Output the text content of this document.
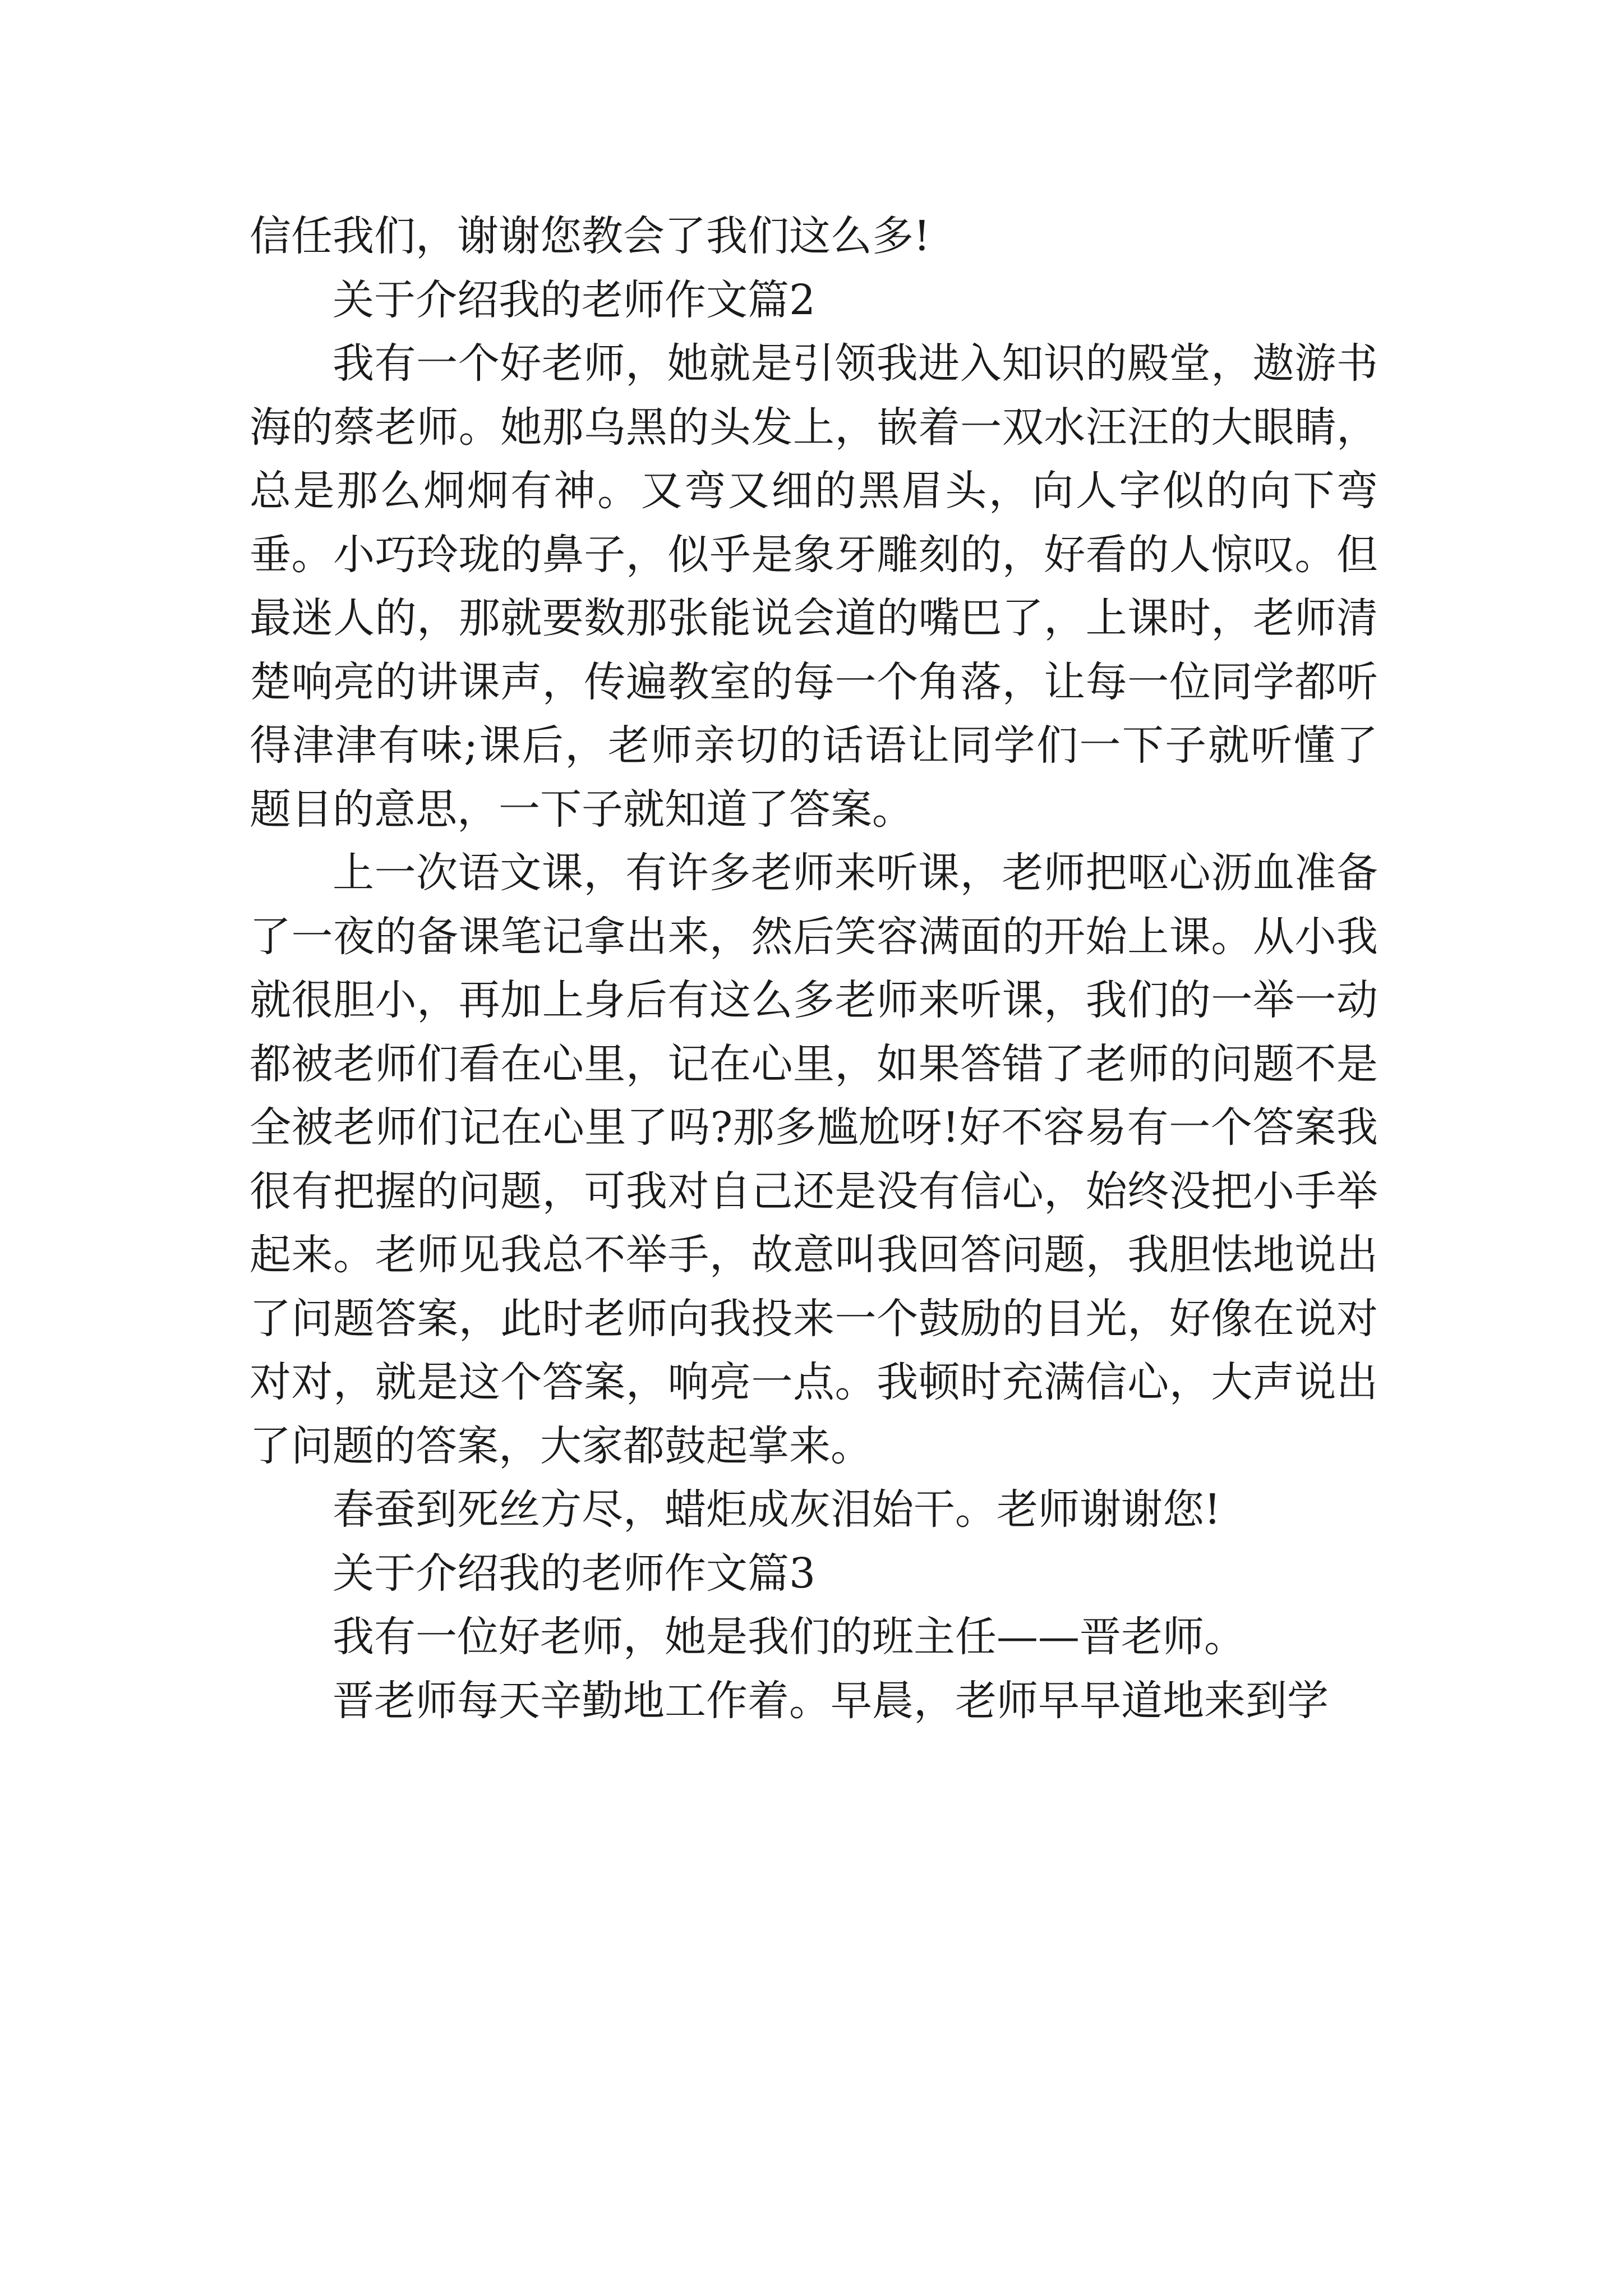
信任我们，谢谢您教会了我们这么多!

关于介绍我的老师作文篇2

我有一个好老师，她就是引领我进入知识的殿堂，遨游书海的蔡老师。她那乌黑的头发上，嵌着一双水汪汪的大眼睛，总是那么炯炯有神。又弯又细的黑眉头，向人字似的向下弯垂。小巧玲珑的鼻子，似乎是象牙雕刻的，好看的人惊叹。但最迷人的，那就要数那张能说会道的嘴巴了，上课时，老师清楚响亮的讲课声，传遍教室的每一个角落，让每一位同学都听得津津有味;课后，老师亲切的话语让同学们一下子就听懂了题目的意思，一下子就知道了答案。

上一次语文课，有许多老师来听课，老师把呕心沥血准备了一夜的备课笔记拿出来，然后笑容满面的开始上课。从小我就很胆小，再加上身后有这么多老师来听课，我们的一举一动都被老师们看在心里，记在心里，如果答错了老师的问题不是全被老师们记在心里了吗?那多尴尬呀!好不容易有一个答案我很有把握的问题，可我对自己还是没有信心，始终没把小手举起来。老师见我总不举手，故意叫我回答问题，我胆怯地说出了问题答案，此时老师向我投来一个鼓励的目光，好像在说对对对，就是这个答案，响亮一点。我顿时充满信心，大声说出了问题的答案，大家都鼓起掌来。

春蚕到死丝方尽，蜡炬成灰泪始干。老师谢谢您!

关于介绍我的老师作文篇3

我有一位好老师，她是我们的班主任——晋老师。

晋老师每天辛勤地工作着。早晨，老师早早道地来到学
